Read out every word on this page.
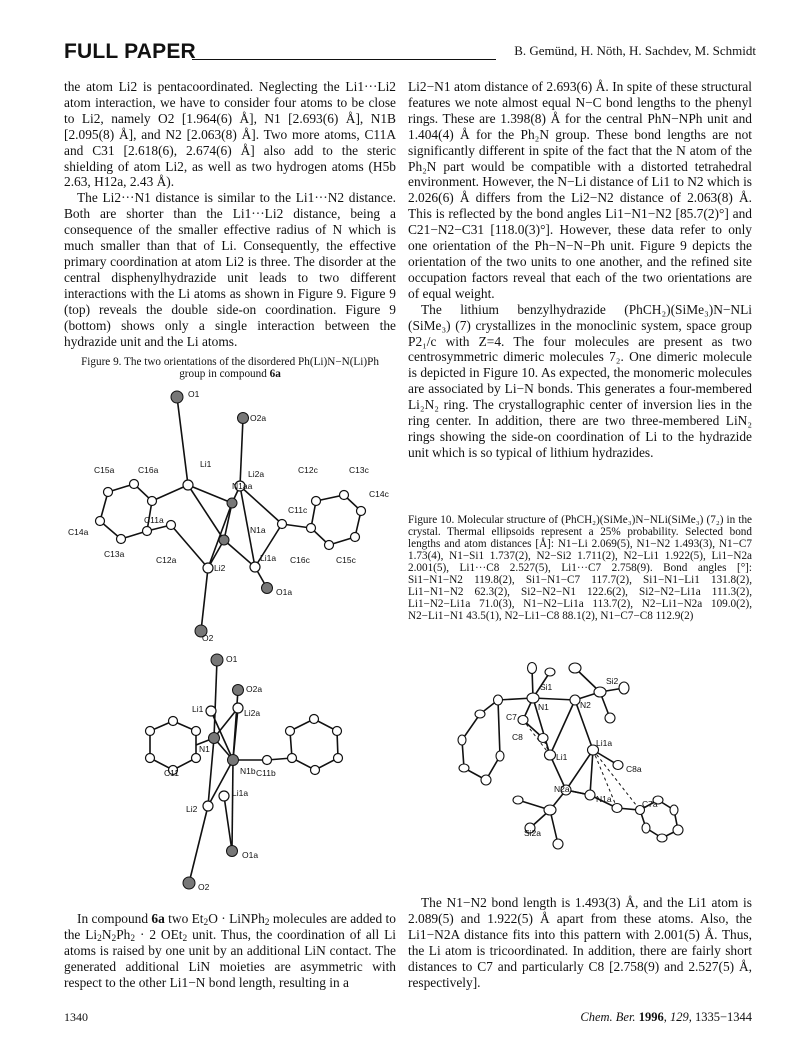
FULL PAPER	B. Gemünd, H. Nöth, H. Sachdev, M. Schmidt

the atom Li2 is pentacoordinated. Neglecting the Li1···Li2 atom interaction, we have to consider four atoms to be close to Li2, namely O2 [1.964(6) Å], N1 [2.693(6) Å], N1B [2.095(8) Å], and N2 [2.063(8) Å]. Two more atoms, C11A and C31 [2.618(6), 2.674(6) Å] also add to the steric shielding of atom Li2, as well as two hydrogen atoms (H5b 2.63, H12a, 2.43 Å).

The Li2···N1 distance is similar to the Li1···N2 distance. Both are shorter than the Li1···Li2 distance, being a consequence of the smaller effective radius of N which is much smaller than that of Li. Consequently, the effective primary coordination at atom Li2 is three. The disorder at the central disphenylhydrazide unit leads to two different interactions with the Li atoms as shown in Figure 9. Figure 9 (top) reveals the double side-on coordination. Figure 9 (bottom) shows only a single interaction between the hydrazide unit and the Li atoms.

Figure 9. The two orientations of the disordered Ph(Li)N−N(Li)Ph
group in compound 6a

O1
O2a
C12c	C13c
C14c
C15a	C16a
Li1
Li2a
N1aa
C11c
C14a
C11a
N1a
Li1a
C13a
C12a
Li2
C16c	C15c
O1a
O2
O1
O2a
Li1	Li2a
C11
N1
N1b C11b
Li2
Li1a
O1a
O2

In compound 6a two $Et_2O$ · LiNPh$_2$ molecules are added to the $Li_2N_2Ph_2 \cdot 2$ OEt$_2$ unit. Thus, the coordination of all Li atoms is raised by one unit by an additional LiN contact. The generated additional LiN moieties are asymmetric with respect to the other Li1−N bond length, resulting in a

Li2−N1 atom distance of 2.693(6) Å. In spite of these structural features we note almost equal N−C bond lengths to the phenyl rings. These are 1.398(8) Å for the central PhN−NPh unit and 1.404(4) Å for the Ph₂N group. These bond lengths are not significantly different in spite of the fact that the N atom of the Ph₂N part would be compatible with a distorted tetrahedral environment. However, the N−Li distance of Li1 to N2 which is 2.026(6) Å differs from the Li2−N2 distance of 2.063(8) Å. This is reflected by the bond angles Li1−N1−N2 [85.7(2)°] and C21−N2−C31 [118.0(3)°]. However, these data refer to only one orientation of the Ph−N−N−Ph unit. Figure 9 depicts the orientation of the two units to one another, and the refined site occupation factors reveal that each of the two orientations are of equal weight.

The lithium benzylhydrazide (PhCH₂)(SiMe₃)N−NLi (SiMe₃) (7) crystallizes in the monoclinic system, space group P2₁/c with Z=4. The four molecules are present as two centrosymmetric dimeric molecules 7₂. One dimeric molecule is depicted in Figure 10. As expected, the monomeric molecules are associated by Li−N bonds. This generates a four-membered Li₂N₂ ring. The crystallographic center of inversion lies in the ring center. In addition, there are two three-membered LiN₂ rings showing the side-on coordination of Li to the hydrazide unit which is so typical of lithium hydrazides.

Figure 10. Molecular structure of (PhCH₂)(SiMe₃)N−NLi(SiMe₃) (7₂) in the crystal. Thermal ellipsoids represent a 25% probability. Selected bond lengths and atom distances [Å]: N1−Li 2.069(5), N1−N2 1.493(3), N1−C7 1.73(4), N1−Si1 1.737(2), N2−Si2 1.711(2), N2−Li1 1.922(5), Li1−N2a 2.001(5), Li1···C8 2.527(5), Li1···C7 2.758(9). Bond angles [°]: Si1−N1−N2 119.8(2), Si1−N1−C7 117.7(2), Si1−N1−Li1 131.8(2), Li1−N1−N2 62.3(2), Si2−N2−N1 122.6(2), Si2−N2−Li1a 111.3(2), Li1−N2−Li1a 71.0(3), N1−N2−Li1a 113.7(2), N2−Li1−N2a 109.0(2), N2−Li1−N1 43.5(1), N2−Li1−C8 88.1(2), N1−C7−C8 112.9(2)

Si1
Si2
N1	N2
C7
C8
Li1
Li1a
C8a
N2a
N1a	C7a
Si2a

The N1−N2 bond length is 1.493(3) Å, and the Li1 atom is 2.089(5) and 1.922(5) Å apart from these atoms. Also, the Li1−N2A distance fits into this pattern with 2.001(5) Å. Thus, the Li atom is tricoordinated. In addition, there are fairly short distances to C7 and particularly C8 [2.758(9) and 2.527(5) Å, respectively].

1340	Chem. Ber. 1996, 129, 1335−1344
